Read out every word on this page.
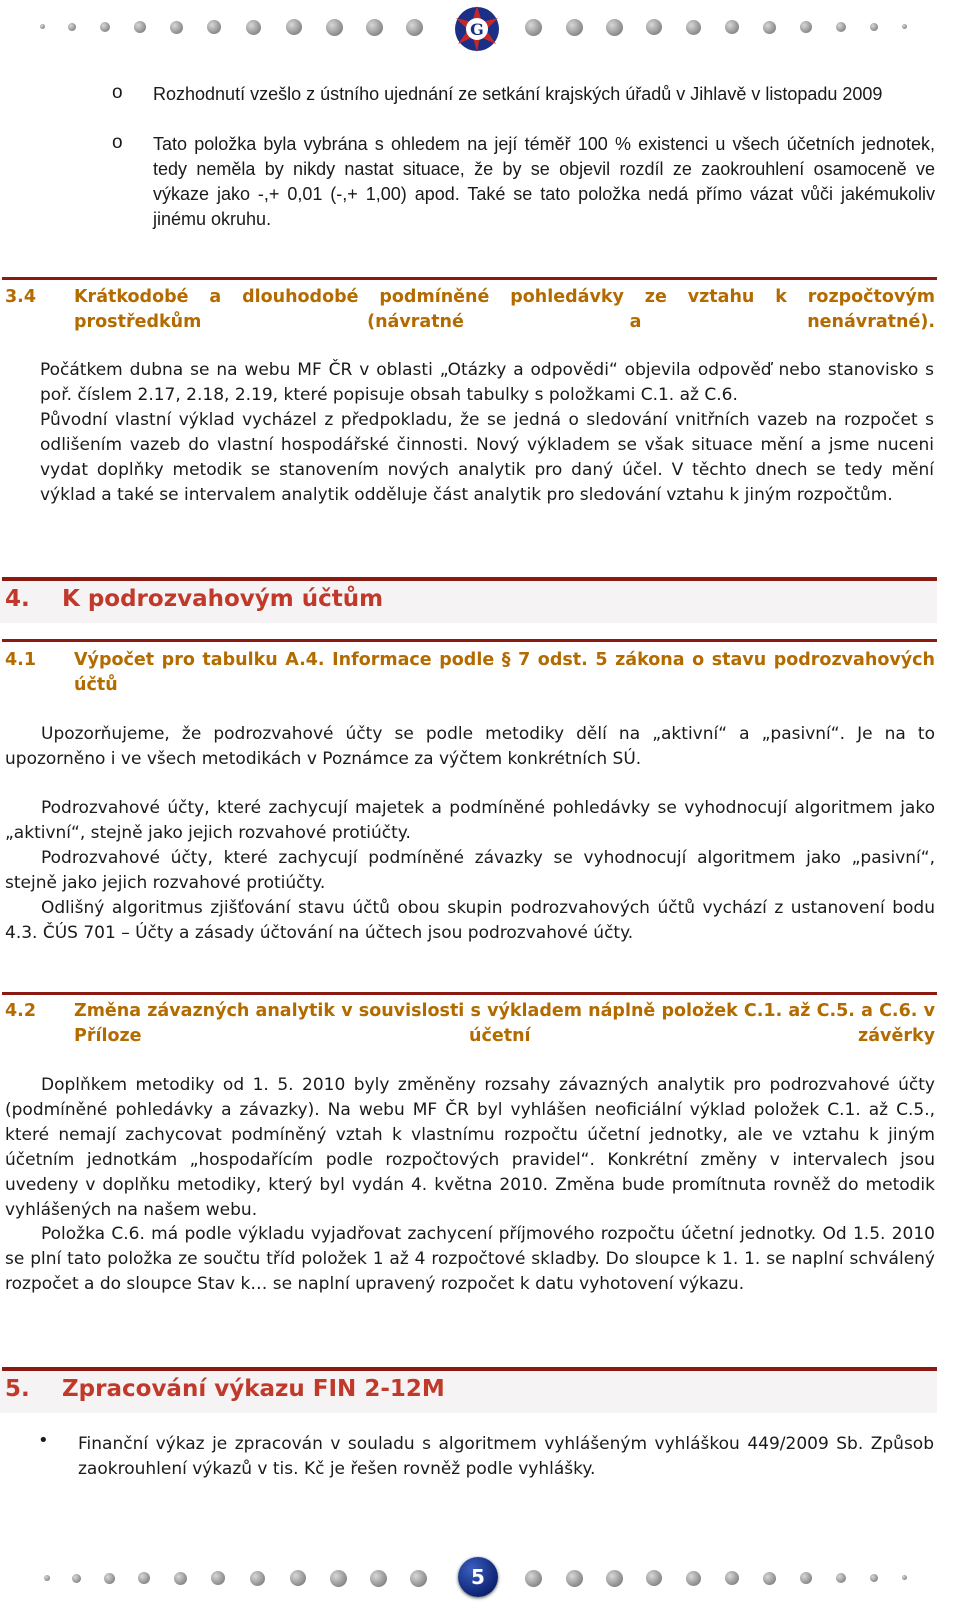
G
o Rozhodnutí vzešlo z ústního ujednání ze setkání krajských úřadů v Jihlavě v listopadu 2009
o Tato položka byla vybrána s ohledem na její téměř 100 % existenci u všech účetních jednotek, tedy neměla by nikdy nastat situace, že by se objevil rozdíl ze zaokrouhlení osamoceně ve výkaze jako -,+ 0,01 (-,+ 1,00) apod. Také se tato položka nedá přímo vázat vůči jakémukoliv jinému okruhu.
3.4 Krátkodobé a dlouhodobé podmíněné pohledávky ze vztahu k rozpočtovým prostředkům (návratné a nenávratné).
Počátkem dubna se na webu MF ČR v oblasti „Otázky a odpovědi“ objevila odpověď nebo stanovisko s poř. číslem 2.17, 2.18, 2.19, které popisuje obsah tabulky s položkami C.1. až C.6.
Původní vlastní výklad vycházel z předpokladu, že se jedná o sledování vnitřních vazeb na rozpočet s odlišením vazeb do vlastní hospodářské činnosti. Nový výkladem se však situace mění a jsme nuceni vydat doplňky metodik se stanovením nových analytik pro daný účel. V těchto dnech se tedy mění výklad a také se intervalem analytik odděluje část analytik pro sledování vztahu k jiným rozpočtům.
4. K podrozvahovým účtům
4.1 Výpočet pro tabulku A.4. Informace podle § 7 odst. 5 zákona o stavu podrozvahových účtů
Upozorňujeme, že podrozvahové účty se podle metodiky dělí na „aktivní“ a „pasivní“. Je na to upozorněno i ve všech metodikách v Poznámce za výčtem konkrétních SÚ.
Podrozvahové účty, které zachycují majetek a podmíněné pohledávky se vyhodnocují algoritmem jako „aktivní“, stejně jako jejich rozvahové protiúčty.
Podrozvahové účty, které zachycují podmíněné závazky se vyhodnocují algoritmem jako „pasivní“, stejně jako jejich rozvahové protiúčty.
Odlišný algoritmus zjišťování stavu účtů obou skupin podrozvahových účtů vychází z ustanovení bodu 4.3. ČÚS 701 – Účty a zásady účtování na účtech jsou podrozvahové účty.
4.2 Změna závazných analytik v souvislosti s výkladem náplně položek C.1. až C.5. a C.6. v Příloze účetní závěrky
Doplňkem metodiky od 1. 5. 2010 byly změněny rozsahy závazných analytik pro podrozvahové účty (podmíněné pohledávky a závazky). Na webu MF ČR byl vyhlášen neoficiální výklad položek C.1. až C.5., které nemají zachycovat podmíněný vztah k vlastnímu rozpočtu účetní jednotky, ale ve vztahu k jiným účetním jednotkám „hospodařícím podle rozpočtových pravidel“. Konkrétní změny v intervalech jsou uvedeny v doplňku metodiky, který byl vydán 4. května 2010. Změna bude promítnuta rovněž do metodik vyhlášených na našem webu.
Položka C.6. má podle výkladu vyjadřovat zachycení příjmového rozpočtu účetní jednotky. Od 1.5. 2010 se plní tato položka ze součtu tříd položek 1 až 4 rozpočtové skladby. Do sloupce k 1. 1. se naplní schválený rozpočet a do sloupce Stav k… se naplní upravený rozpočet k datu vyhotovení výkazu.
5. Zpracování výkazu FIN 2-12M
• Finanční výkaz je zpracován v souladu s algoritmem vyhlášeným vyhláškou 449/2009 Sb. Způsob zaokrouhlení výkazů v tis. Kč je řešen rovněž podle vyhlášky.
5
